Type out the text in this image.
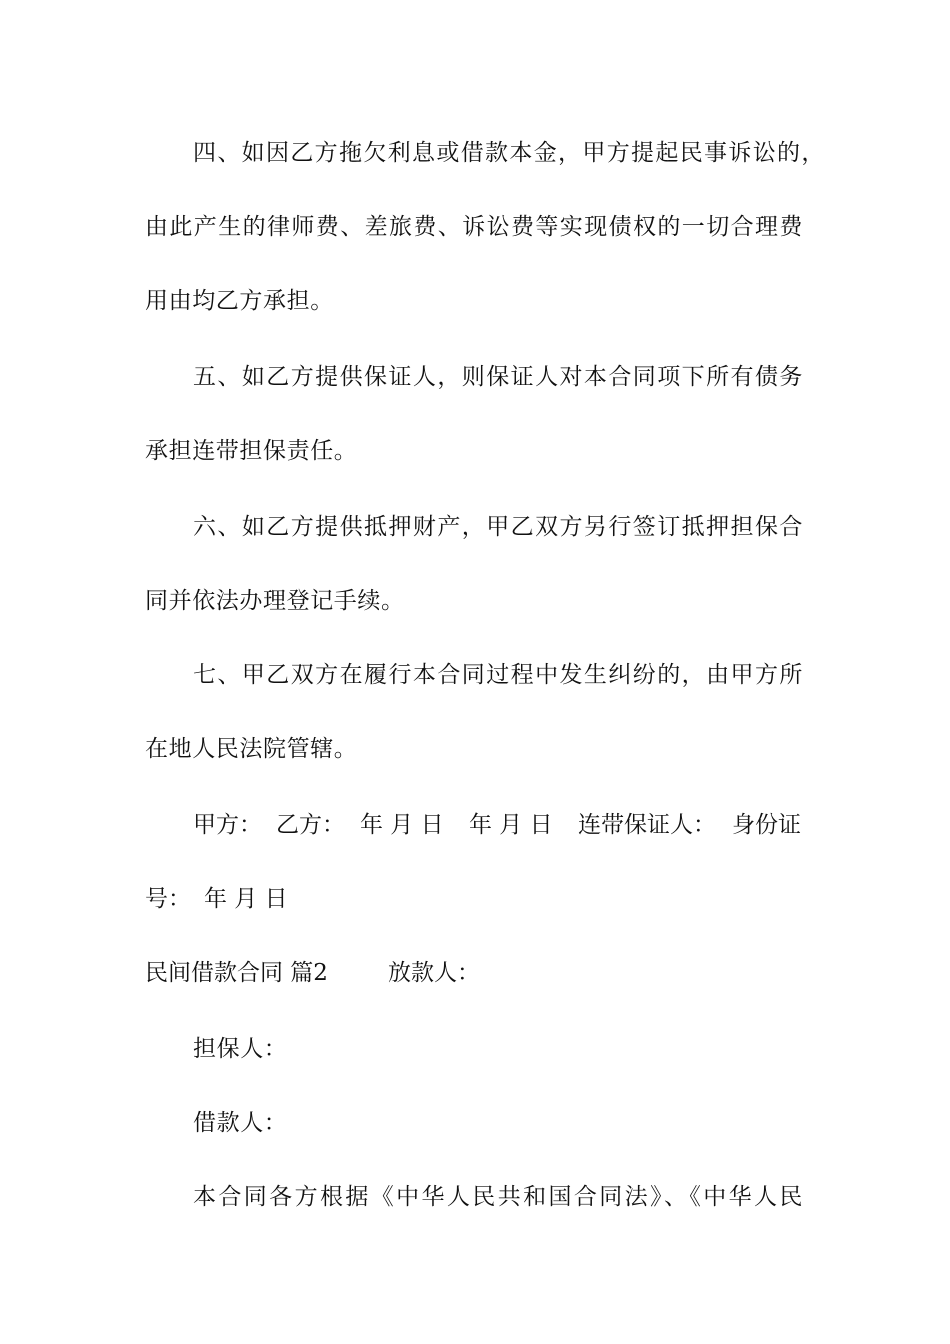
四、如因乙方拖欠利息或借款本金，甲方提起民事诉讼的，
由此产生的律师费、差旅费、诉讼费等实现债权的一切合理费
用由均乙方承担。
五、如乙方提供保证人，则保证人对本合同项下所有债务
承担连带担保责任。
六、如乙方提供抵押财产，甲乙双方另行签订抵押担保合
同并依法办理登记手续。
七、甲乙双方在履行本合同过程中发生纠纷的，由甲方所
在地人民法院管辖。
甲方： 乙方： 年 月 日 年 月 日 连带保证人： 身份证
号： 年 月 日
民间借款合同 篇2	放款人：
担保人：
借款人：
本合同各方根据《中华人民共和国合同法》、《中华人民
